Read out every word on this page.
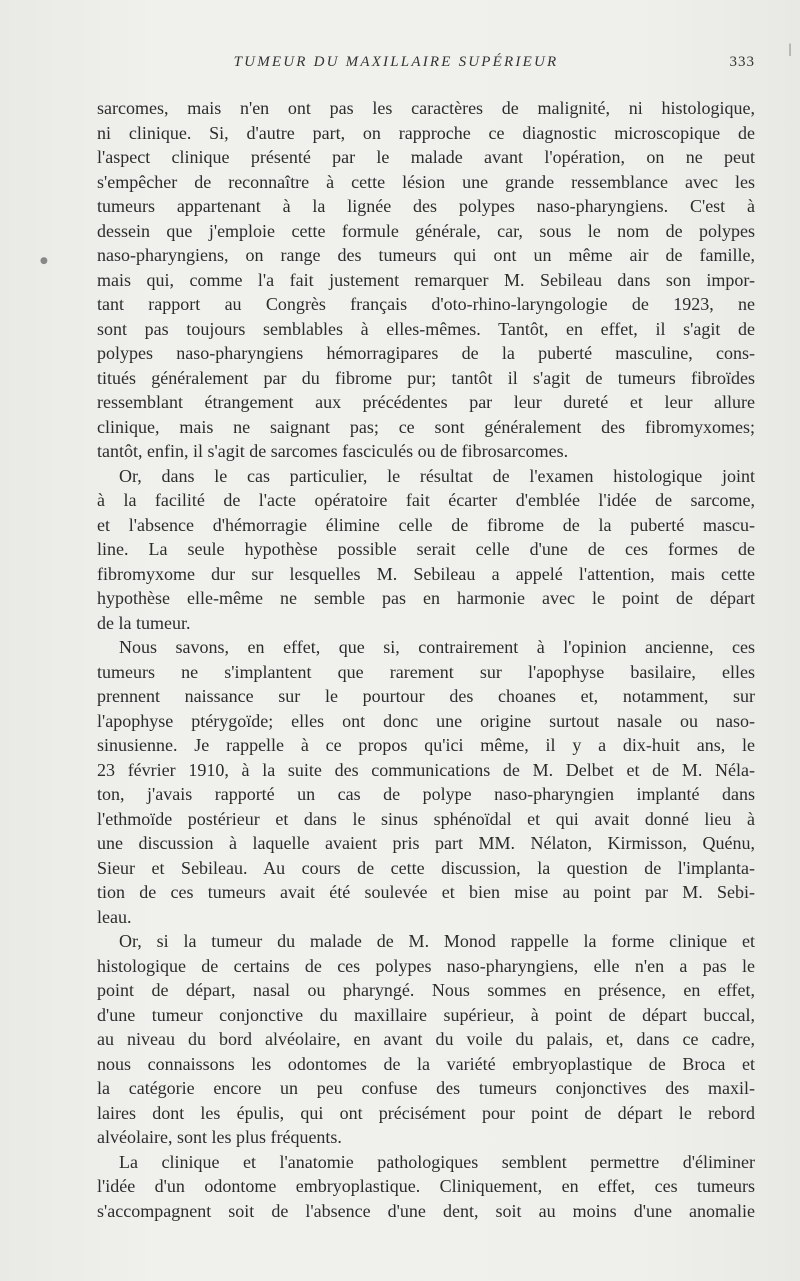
TUMEUR DU MAXILLAIRE SUPÉRIEUR	333
|
●
sarcomes, mais n'en ont pas les caractères de malignité, ni histologique,
ni clinique. Si, d'autre part, on rapproche ce diagnostic microscopique de
l'aspect clinique présenté par le malade avant l'opération, on ne peut
s'empêcher de reconnaître à cette lésion une grande ressemblance avec les
tumeurs appartenant à la lignée des polypes naso-pharyngiens. C'est à
dessein que j'emploie cette formule générale, car, sous le nom de polypes
naso-pharyngiens, on range des tumeurs qui ont un même air de famille,
mais qui, comme l'a fait justement remarquer M. Sebileau dans son impor-
tant rapport au Congrès français d'oto-rhino-laryngologie de 1923, ne
sont pas toujours semblables à elles-mêmes. Tantôt, en effet, il s'agit de
polypes naso-pharyngiens hémorragipares de la puberté masculine, cons-
titués généralement par du fibrome pur; tantôt il s'agit de tumeurs fibroïdes
ressemblant étrangement aux précédentes par leur dureté et leur allure
clinique, mais ne saignant pas; ce sont généralement des fibromyxomes;
tantôt, enfin, il s'agit de sarcomes fasciculés ou de fibrosarcomes.
Or, dans le cas particulier, le résultat de l'examen histologique joint
à la facilité de l'acte opératoire fait écarter d'emblée l'idée de sarcome,
et l'absence d'hémorragie élimine celle de fibrome de la puberté mascu-
line. La seule hypothèse possible serait celle d'une de ces formes de
fibromyxome dur sur lesquelles M. Sebileau a appelé l'attention, mais cette
hypothèse elle-même ne semble pas en harmonie avec le point de départ
de la tumeur.
Nous savons, en effet, que si, contrairement à l'opinion ancienne, ces
tumeurs ne s'implantent que rarement sur l'apophyse basilaire, elles
prennent naissance sur le pourtour des choanes et, notamment, sur
l'apophyse ptérygoïde; elles ont donc une origine surtout nasale ou naso-
sinusienne. Je rappelle à ce propos qu'ici même, il y a dix-huit ans, le
23 février 1910, à la suite des communications de M. Delbet et de M. Néla-
ton, j'avais rapporté un cas de polype naso-pharyngien implanté dans
l'ethmoïde postérieur et dans le sinus sphénoïdal et qui avait donné lieu à
une discussion à laquelle avaient pris part MM. Nélaton, Kirmisson, Quénu,
Sieur et Sebileau. Au cours de cette discussion, la question de l'implanta-
tion de ces tumeurs avait été soulevée et bien mise au point par M. Sebi-
leau.
Or, si la tumeur du malade de M. Monod rappelle la forme clinique et
histologique de certains de ces polypes naso-pharyngiens, elle n'en a pas le
point de départ, nasal ou pharyngé. Nous sommes en présence, en effet,
d'une tumeur conjonctive du maxillaire supérieur, à point de départ buccal,
au niveau du bord alvéolaire, en avant du voile du palais, et, dans ce cadre,
nous connaissons les odontomes de la variété embryoplastique de Broca et
la catégorie encore un peu confuse des tumeurs conjonctives des maxil-
laires dont les épulis, qui ont précisément pour point de départ le rebord
alvéolaire, sont les plus fréquents.
La clinique et l'anatomie pathologiques semblent permettre d'éliminer
l'idée d'un odontome embryoplastique. Cliniquement, en effet, ces tumeurs
s'accompagnent soit de l'absence d'une dent, soit au moins d'une anomalie
